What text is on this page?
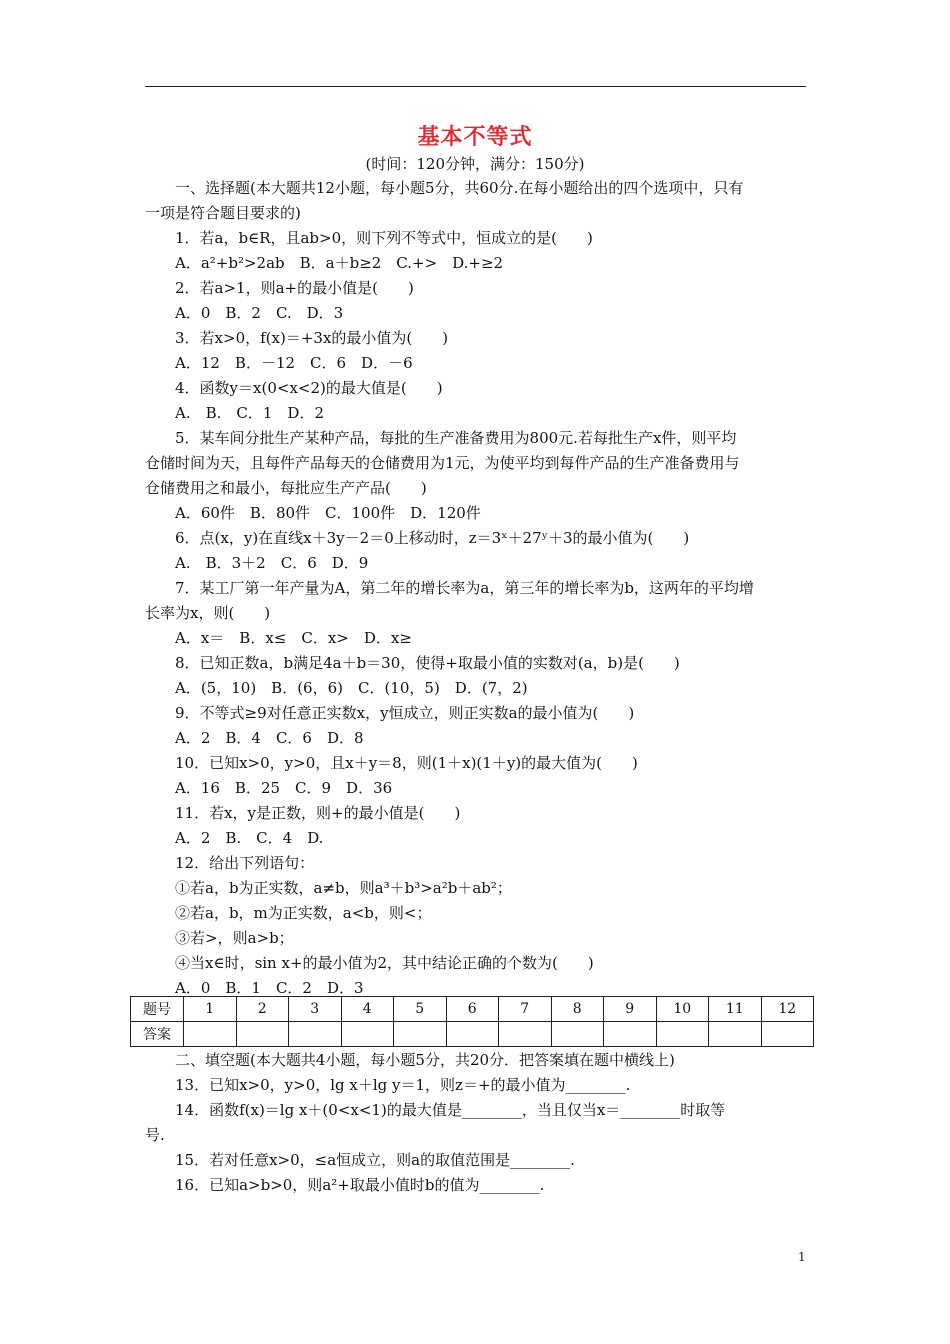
基本不等式
(时间：120分钟，满分：150分)
一、选择题(本大题共12小题，每小题5分，共60分.在每小题给出的四个选项中，只有
一项是符合题目要求的)
1．若a，b∈R，且ab>0，则下列不等式中，恒成立的是(　　)
A．a²+b²>2ab　B．a＋b≥2　C.+>　D.+≥2
2．若a>1，则a+的最小值是(　　)
A．0　B．2　C.　D．3
3．若x>0，f(x)＝+3x的最小值为(　　)
A．12　B．－12　C．6　D．－6
4．函数y＝x(0<x<2)的最大值是(　　)
A.　B.　C．1　D．2
5．某车间分批生产某种产品，每批的生产准备费用为800元.若每批生产x件，则平均
仓储时间为天，且每件产品每天的仓储费用为1元，为使平均到每件产品的生产准备费用与
仓储费用之和最小，每批应生产产品(　　)
A．60件　B．80件　C．100件　D．120件
6．点(x，y)在直线x＋3y－2＝0上移动时，z＝3ˣ＋27ʸ＋3的最小值为(　　)
A.　B．3＋2　C．6　D．9
7．某工厂第一年产量为A，第二年的增长率为a，第三年的增长率为b，这两年的平均增
长率为x，则(　　)
A．x＝　B．x≤　C．x>　D．x≥
8．已知正数a，b满足4a＋b＝30，使得+取最小值的实数对(a，b)是(　　)
A．(5，10)　B．(6，6)　C．(10，5)　D．(7，2)
9．不等式≥9对任意正实数x，y恒成立，则正实数a的最小值为(　　)
A．2　B．4　C．6　D．8
10．已知x>0，y>0，且x＋y＝8，则(1＋x)(1＋y)的最大值为(　　)
A．16　B．25　C．9　D．36
11．若x，y是正数，则+的最小值是(　　)
A．2　B.　C．4　D.
12．给出下列语句：
①若a，b为正实数，a≠b，则a³＋b³>a²b＋ab²；
②若a，b，m为正实数，a<b，则<；
③若>，则a>b；
④当x∈时，sin x+的最小值为2，其中结论正确的个数为(　　)
A．0　B．1　C．2　D．3
题号	1	2	3	4	5	6	7	8	9	10	11	12
答案												
二、填空题(本大题共4小题，每小题5分，共20分．把答案填在题中横线上)
13．已知x>0，y>0，lg x＋lg y＝1，则z＝+的最小值为________.
14．函数f(x)＝lg x＋(0<x<1)的最大值是________，当且仅当x＝________时取等
号.
15．若对任意x>0，≤a恒成立，则a的取值范围是________.
16．已知a>b>0，则a²+取最小值时b的值为________.
1
